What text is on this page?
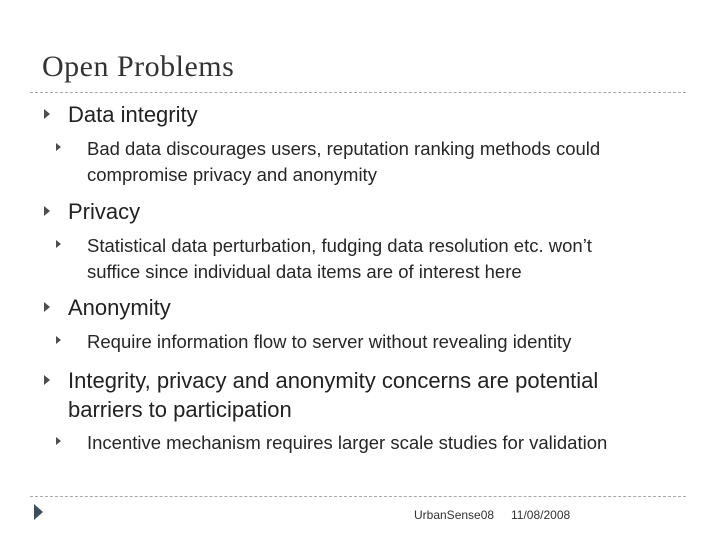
Open Problems
Data integrity
Bad data discourages users, reputation ranking methods could
compromise privacy and anonymity
Privacy
Statistical data perturbation, fudging data resolution etc. won’t
suffice since individual data items are of interest here
Anonymity
Require information flow to server without revealing identity
Integrity, privacy and anonymity concerns are potential
barriers to participation
Incentive mechanism requires larger scale studies for validation
UrbanSense08 11/08/2008
